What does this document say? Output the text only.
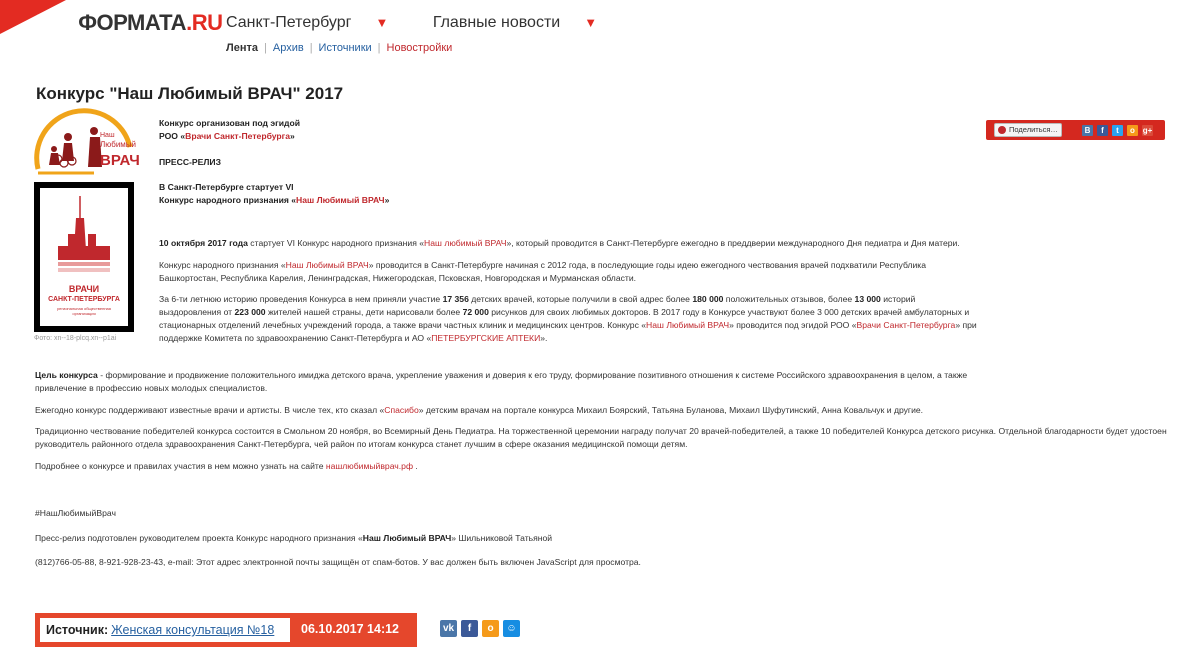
БЕЗФОРМАТА.RU Санкт-Петербург ▼	Главные новости ▼
Лента | Архив | Источники | Новостройки
Конкурс "Наш Любимый ВРАЧ" 2017
Наш
Любимый
ВРАЧ
ВРАЧИ
САНКТ-ПЕТЕРБУРГА
региональная общественная
организация
Фото: xn--18-plcq.xn--p1ai
Поделиться…	В	f	t	о g+

Конкурс организован под эгидой
РОО «Врачи Санкт-Петербурга»

ПРЕСС-РЕЛИЗ

В Санкт-Петербурге стартует VI
Конкурс народного признания «Наш Любимый ВРАЧ»

10 октября 2017 года стартует VI Конкурс народного признания «Наш любимый ВРАЧ», который проводится в Санкт-Петербурге ежегодно в преддверии международного Дня педиатра и Дня матери.

Конкурс народного признания «Наш Любимый ВРАЧ» проводится в Санкт-Петербурге начиная с 2012 года, в последующие годы идею ежегодного чествования врачей подхватили Республика Башкортостан, Республика Карелия, Ленинградская, Нижегородская, Псковская, Новгородская и Мурманская области.

За 6-ти летнюю историю проведения Конкурса в нем приняли участие 17 356 детских врачей, которые получили в свой адрес более 180 000 положительных отзывов, более 13 000 историй выздоровления от 223 000 жителей нашей страны, дети нарисовали более 72 000 рисунков для своих любимых докторов. В 2017 году в Конкурсе участвуют более 3 000 детских врачей амбулаторных и стационарных отделений лечебных учреждений города, а также врачи частных клиник и медицинских центров. Конкурс «Наш Любимый ВРАЧ» проводится под эгидой РОО «Врачи Санкт-Петербурга» при поддержке Комитета по здравоохранению Санкт-Петербурга и АО «ПЕТЕРБУРГСКИЕ АПТЕКИ».

Цель конкурса - формирование и продвижение положительного имиджа детского врача, укрепление уважения и доверия к его труду, формирование позитивного отношения к системе Российского здравоохранения в целом, а также привлечение в профессию новых молодых специалистов.

Ежегодно конкурс поддерживают известные врачи и артисты. В числе тех, кто сказал «Спасибо» детским врачам на портале конкурса Михаил Боярский, Татьяна Буланова, Михаил Шуфутинский, Анна Ковальчук и другие.

Традиционно чествование победителей конкурса состоится в Смольном 20 ноября, во Всемирный День Педиатра. На торжественной церемонии награду получат 20 врачей-победителей, а также 10 победителей Конкурса детского рисунка. Отдельной благодарности будет удостоен руководитель районного отдела здравоохранения Санкт-Петербурга, чей район по итогам конкурса станет лучшим в сфере оказания медицинской помощи детям.

Подробнее о конкурсе и правилах участия в нем можно узнать на сайте нашлюбимыйврач.рф .

#НашЛюбимыйВрач

Пресс-релиз подготовлен руководителем проекта Конкурс народного признания «Наш Любимый ВРАЧ» Шильниковой Татьяной

(812)766-05-88, 8-921-928-23-43, e-mail: Этот адрес электронной почты защищён от спам-ботов. У вас должен быть включен JavaScript для просмотра.

Источник: Женская консультация №18	06.10.2017 14:12	vk	f	о	☺
